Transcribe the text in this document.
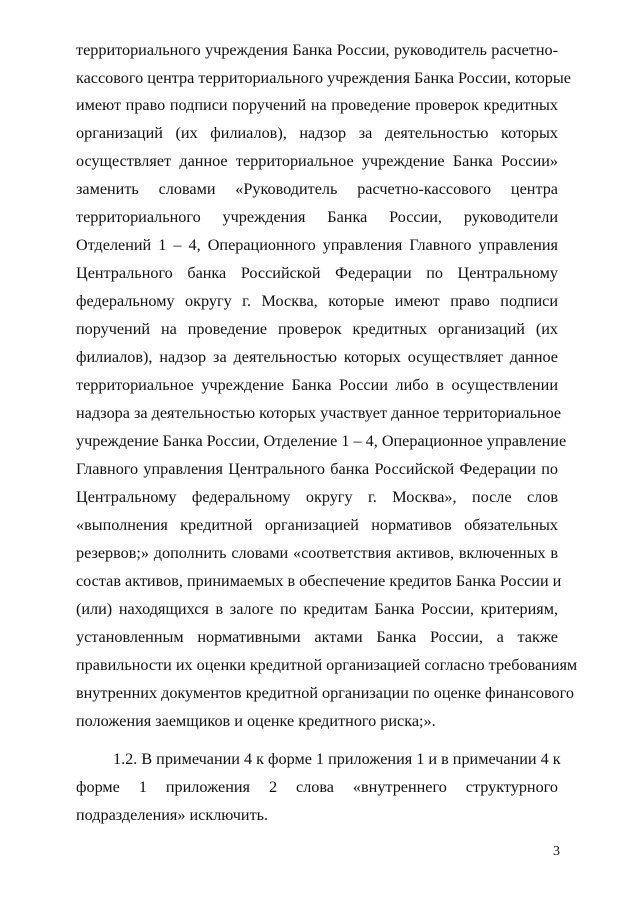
территориального учреждения Банка России, руководитель расчетно-
кассового центра территориального учреждения Банка России, которые
имеют право подписи поручений на проведение проверок кредитных
организаций (их филиалов), надзор за деятельностью которых
осуществляет данное территориальное учреждение Банка России»
заменить словами «Руководитель расчетно-кассового центра
территориального учреждения Банка России, руководители
Отделений 1 – 4, Операционного управления Главного управления
Центрального банка Российской Федерации по Центральному
федеральному округу г. Москва, которые имеют право подписи
поручений на проведение проверок кредитных организаций (их
филиалов), надзор за деятельностью которых осуществляет данное
территориальное учреждение Банка России либо в осуществлении
надзора за деятельностью которых участвует данное территориальное
учреждение Банка России, Отделение 1 – 4, Операционное управление
Главного управления Центрального банка Российской Федерации по
Центральному федеральному округу г. Москва», после слов
«выполнения кредитной организацией нормативов обязательных
резервов;» дополнить словами «соответствия активов, включенных в
состав активов, принимаемых в обеспечение кредитов Банка России и
(или) находящихся в залоге по кредитам Банка России, критериям,
установленным нормативными актами Банка России, а также
правильности их оценки кредитной организацией согласно требованиям
внутренних документов кредитной организации по оценке финансового
положения заемщиков и оценке кредитного риска;».
1.2. В примечании 4 к форме 1 приложения 1 и в примечании 4 к
форме 1 приложения 2 слова «внутреннего структурного
подразделения» исключить.
3
